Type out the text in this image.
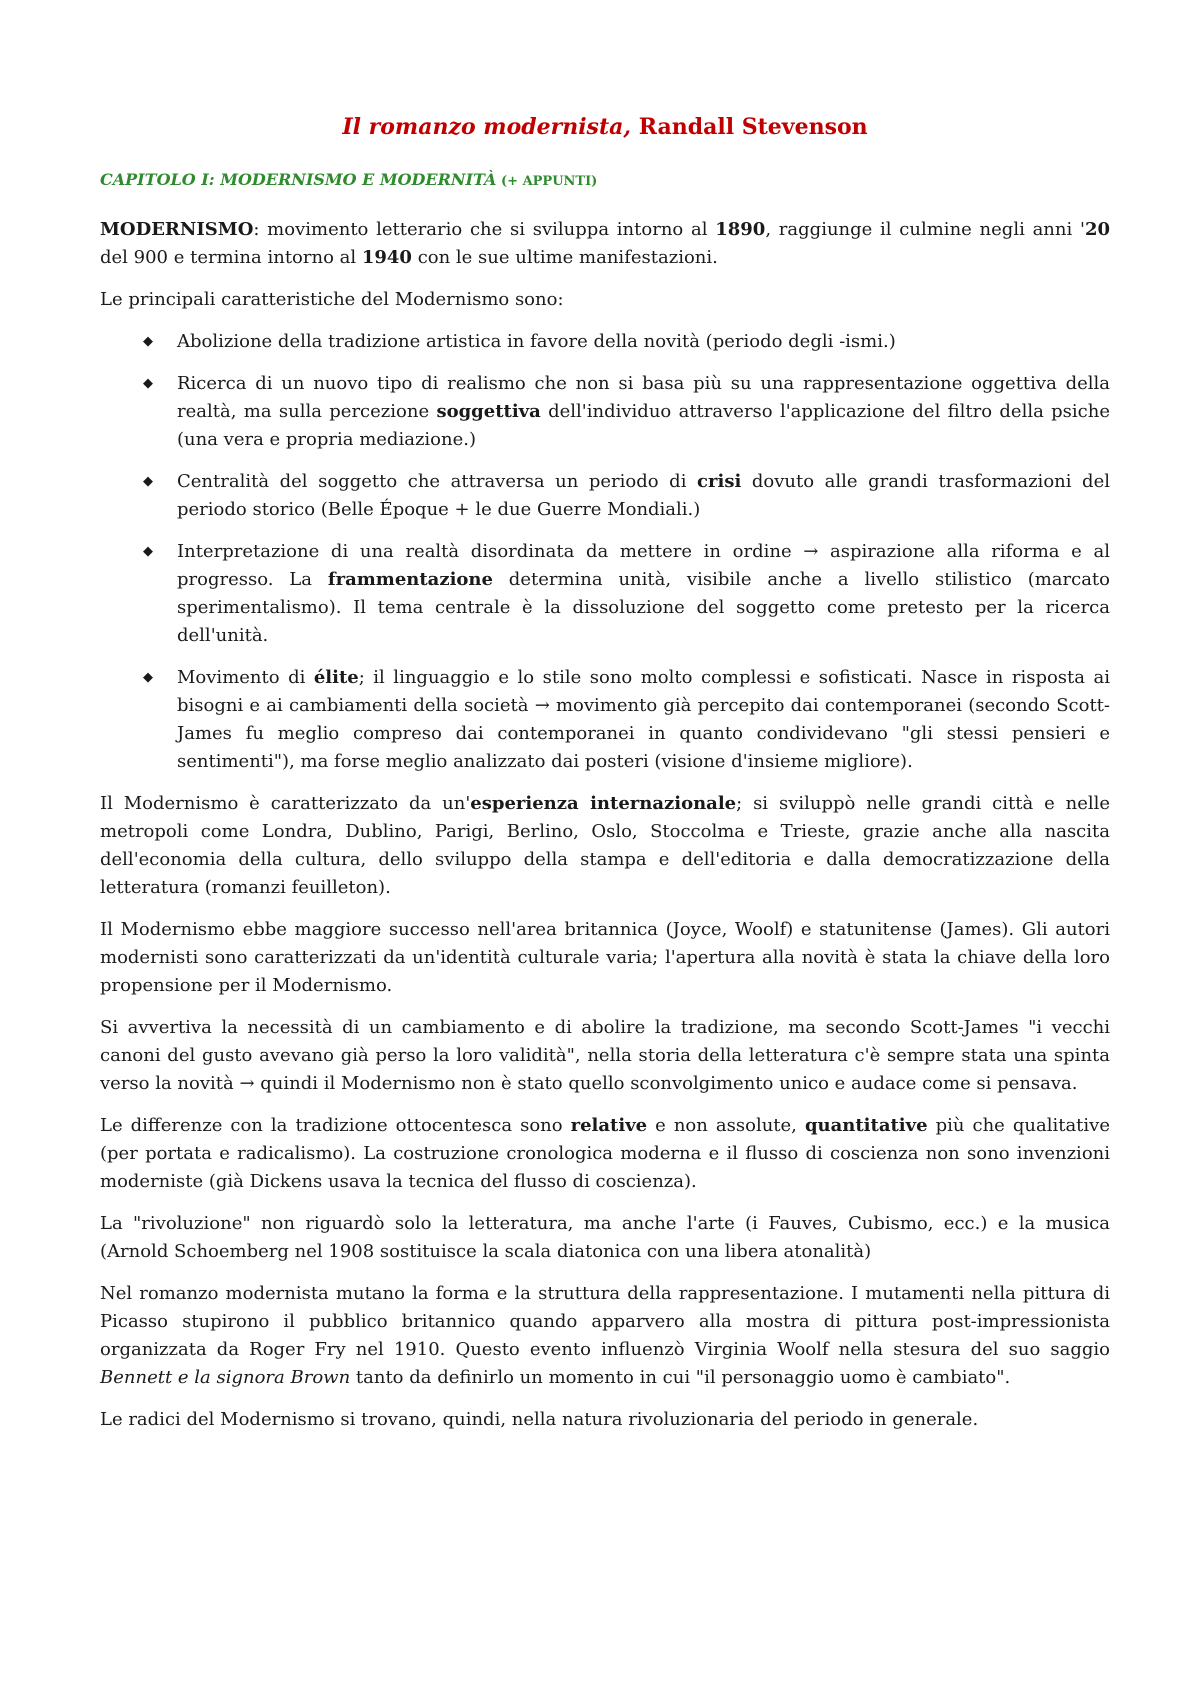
Il romanzo modernista, Randall Stevenson
CAPITOLO I: MODERNISMO E MODERNITÀ (+ APPUNTI)

MODERNISMO: movimento letterario che si sviluppa intorno al 1890, raggiunge il culmine negli anni '20 del 900 e termina intorno al 1940 con le sue ultime manifestazioni.

Le principali caratteristiche del Modernismo sono:

◆ Abolizione della tradizione artistica in favore della novità (periodo degli -ismi.)
◆ Ricerca di un nuovo tipo di realismo che non si basa più su una rappresentazione oggettiva della realtà, ma sulla percezione soggettiva dell'individuo attraverso l'applicazione del filtro della psiche (una vera e propria mediazione.)
◆ Centralità del soggetto che attraversa un periodo di crisi dovuto alle grandi trasformazioni del periodo storico (Belle Époque + le due Guerre Mondiali.)
◆ Interpretazione di una realtà disordinata da mettere in ordine → aspirazione alla riforma e al progresso. La frammentazione determina unità, visibile anche a livello stilistico (marcato sperimentalismo). Il tema centrale è la dissoluzione del soggetto come pretesto per la ricerca dell'unità.
◆ Movimento di élite; il linguaggio e lo stile sono molto complessi e sofisticati. Nasce in risposta ai bisogni e ai cambiamenti della società → movimento già percepito dai contemporanei (secondo Scott-James fu meglio compreso dai contemporanei in quanto condividevano "gli stessi pensieri e sentimenti"), ma forse meglio analizzato dai posteri (visione d'insieme migliore).

Il Modernismo è caratterizzato da un'esperienza internazionale; si sviluppò nelle grandi città e nelle metropoli come Londra, Dublino, Parigi, Berlino, Oslo, Stoccolma e Trieste, grazie anche alla nascita dell'economia della cultura, dello sviluppo della stampa e dell'editoria e dalla democratizzazione della letteratura (romanzi feuilleton).

Il Modernismo ebbe maggiore successo nell'area britannica (Joyce, Woolf) e statunitense (James). Gli autori modernisti sono caratterizzati da un'identità culturale varia; l'apertura alla novità è stata la chiave della loro propensione per il Modernismo.

Si avvertiva la necessità di un cambiamento e di abolire la tradizione, ma secondo Scott-James "i vecchi canoni del gusto avevano già perso la loro validità", nella storia della letteratura c'è sempre stata una spinta verso la novità → quindi il Modernismo non è stato quello sconvolgimento unico e audace come si pensava.

Le differenze con la tradizione ottocentesca sono relative e non assolute, quantitative più che qualitative (per portata e radicalismo). La costruzione cronologica moderna e il flusso di coscienza non sono invenzioni moderniste (già Dickens usava la tecnica del flusso di coscienza).

La "rivoluzione" non riguardò solo la letteratura, ma anche l'arte (i Fauves, Cubismo, ecc.) e la musica (Arnold Schoemberg nel 1908 sostituisce la scala diatonica con una libera atonalità)

Nel romanzo modernista mutano la forma e la struttura della rappresentazione. I mutamenti nella pittura di Picasso stupirono il pubblico britannico quando apparvero alla mostra di pittura post-impressionista organizzata da Roger Fry nel 1910. Questo evento influenzò Virginia Woolf nella stesura del suo saggio Bennett e la signora Brown tanto da definirlo un momento in cui "il personaggio uomo è cambiato".

Le radici del Modernismo si trovano, quindi, nella natura rivoluzionaria del periodo in generale.
